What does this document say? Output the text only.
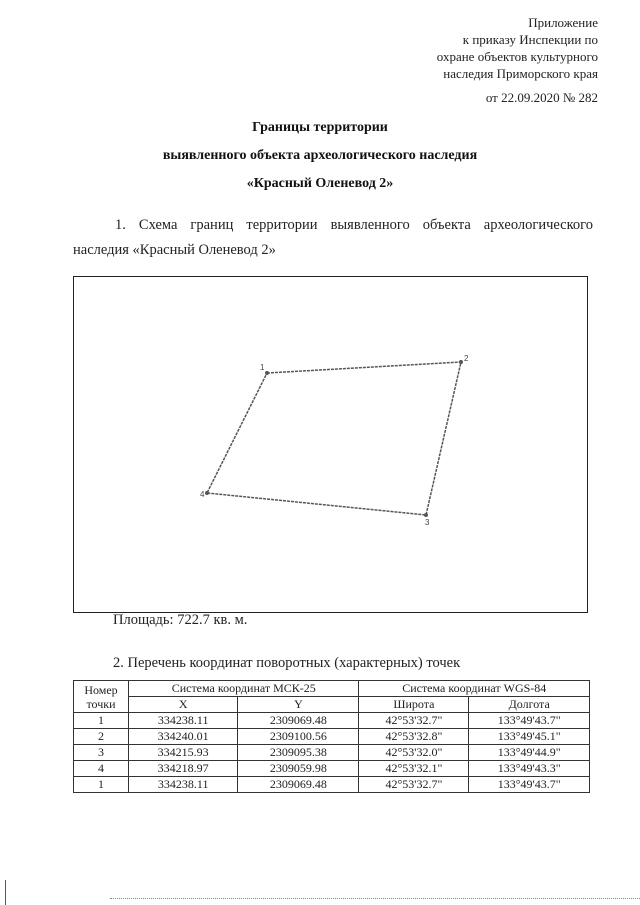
Приложение
к приказу Инспекции по
охране объектов культурного
наследия Приморского края
от 22.09.2020 № 282
Границы территории
выявленного объекта археологического наследия
«Красный Оленевод 2»
1. Схема границ территории выявленного объекта археологического наследия «Красный Оленевод 2»
1
2
3
4
Площадь: 722.7 кв. м.
2. Перечень координат поворотных (характерных) точек
Номер
точки	Система координат МСК-25		Система координат WGS-84	
	X	Y	Широта	Долгота
1	334238.11	2309069.48	42°53'32.7"	133°49'43.7"
2	334240.01	2309100.56	42°53'32.8"	133°49'45.1"
3	334215.93	2309095.38	42°53'32.0"	133°49'44.9"
4	334218.97	2309059.98	42°53'32.1"	133°49'43.3"
1	334238.11	2309069.48	42°53'32.7"	133°49'43.7"
